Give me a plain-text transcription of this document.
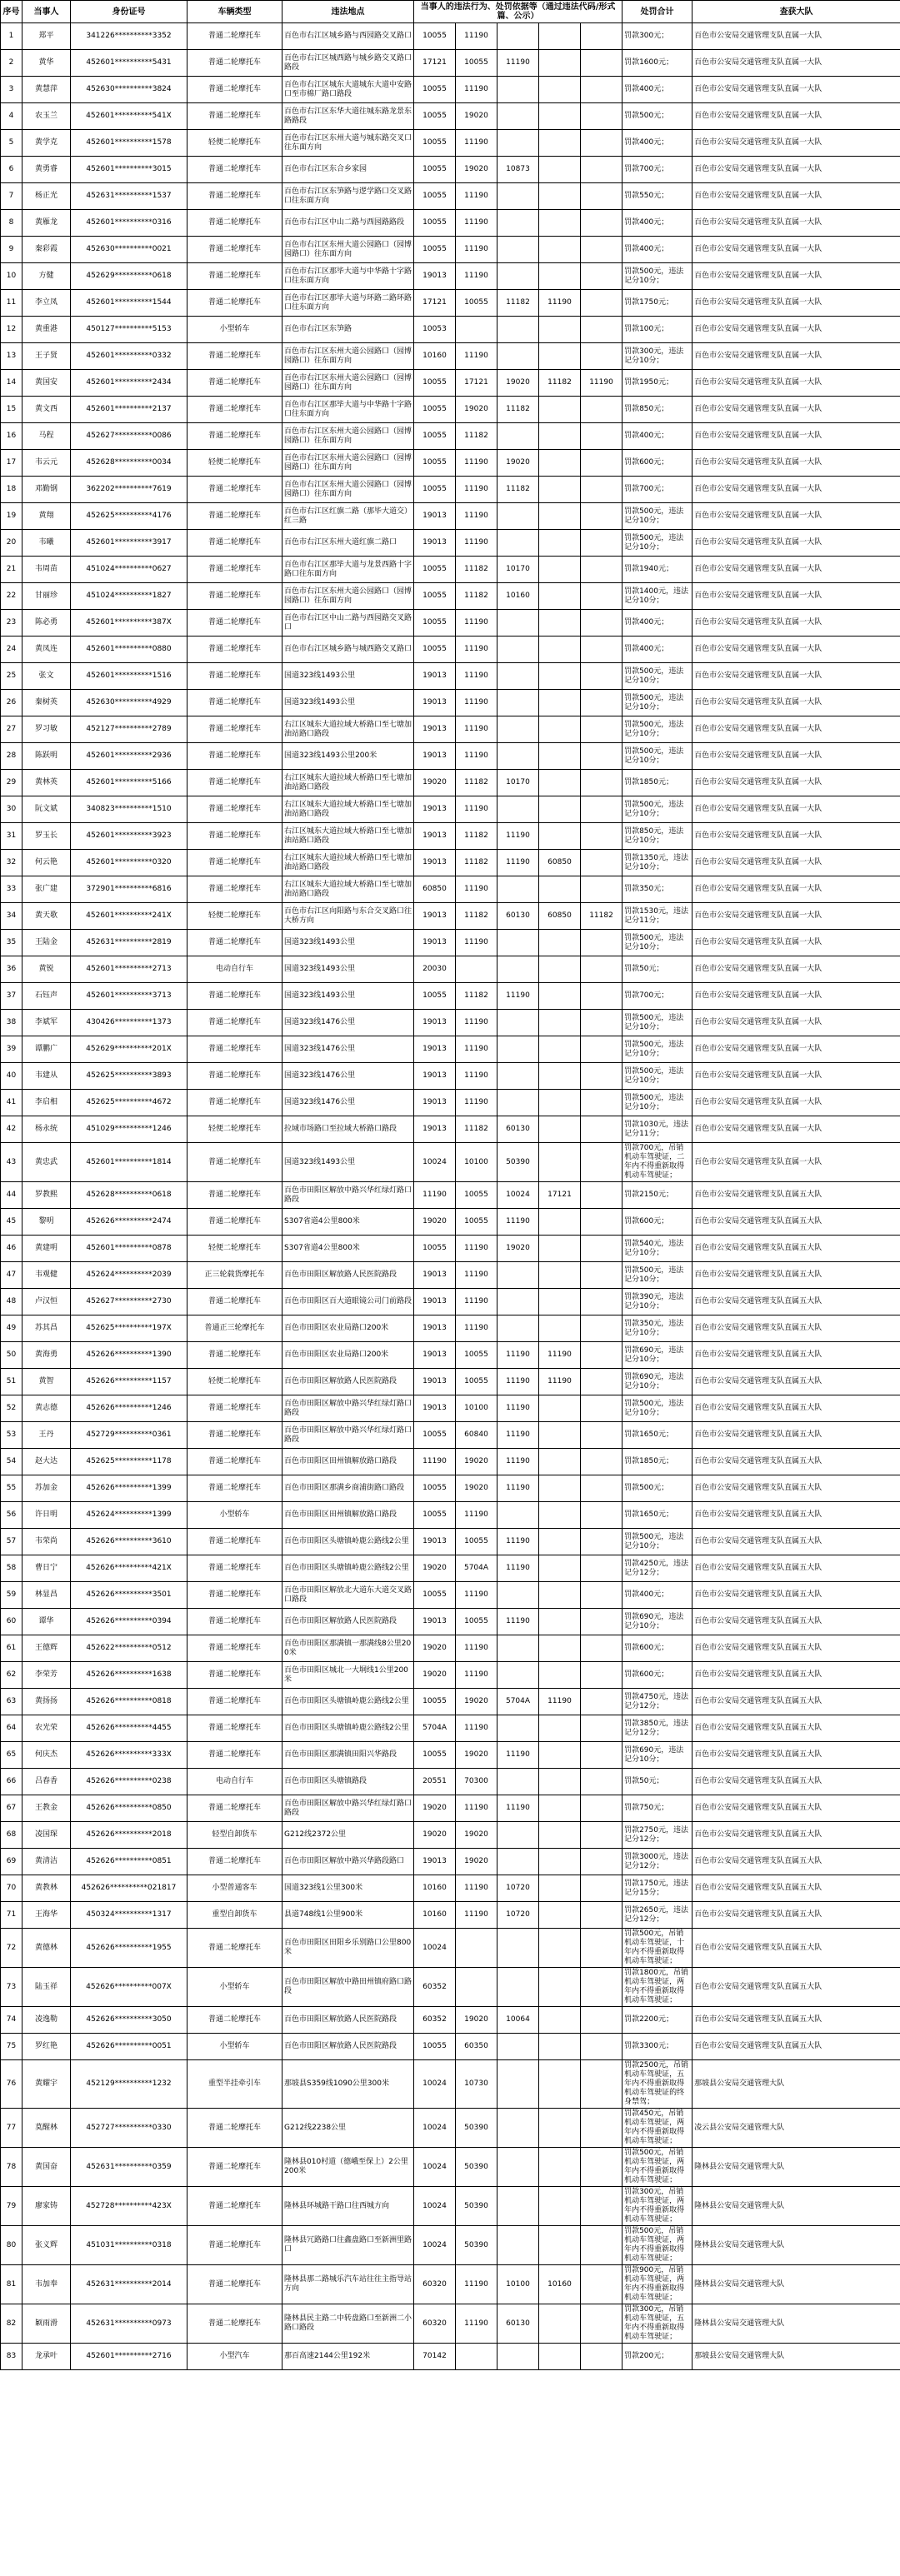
序号	当事人	身份证号	车辆类型	违法地点	当事人的违法行为、处罚依据等（通过违法代码/形式篇、公示）					处罚合计	查获大队
1	郑平	341226**********3352	普通二轮摩托车	百色市右江区城乡路与西园路交叉路口	10055	11190				罚款300元；	百色市公安局交通管理支队直属一大队
2	黄华	452601**********5431	普通二轮摩托车	百色市右江区城西路与城乡路交叉路口路段	17121	10055	11190			罚款1600元；	百色市公安局交通管理支队直属一大队
3	黄慧萍	452630**********3824	普通二轮摩托车	百色市右江区城东大道城东大道中安路口至市棉厂路口路段	10055	11190				罚款400元；	百色市公安局交通管理支队直属一大队
4	农玉兰	452601**********541X	普通二轮摩托车	百色市右江区东华大道往城东路龙景东路路段	10055	19020				罚款500元；	百色市公安局交通管理支队直属一大队
5	黄学克	452601**********1578	轻便二轮摩托车	百色市右江区东州大道与城东路交叉口往东面方向	10055	11190				罚款400元；	百色市公安局交通管理支队直属一大队
6	黄勇睿	452601**********3015	普通二轮摩托车	百色市右江区东合乡家园	10055	19020	10873			罚款700元；	百色市公安局交通管理支队直属一大队
7	杨正光	452631**********1537	普通二轮摩托车	百色市右江区东笋路与逻学路口交叉路口往东面方向	10055	11190				罚款550元；	百色市公安局交通管理支队直属一大队
8	黄雁龙	452601**********0316	普通二轮摩托车	百色市右江区中山二路与西园路路段	10055	11190				罚款400元；	百色市公安局交通管理支队直属一大队
9	秦彩霞	452630**********0021	普通二轮摩托车	百色市右江区东州大道公园路口（园博园路口）往东面方向	10055	11190				罚款400元；	百色市公安局交通管理支队直属一大队
10	方健	452629**********0618	普通二轮摩托车	百色市右江区那毕大道与中华路十字路口往东面方向	19013	11190				罚款500元，违法记分10分；	百色市公安局交通管理支队直属一大队
11	李立凤	452601**********1544	普通二轮摩托车	百色市右江区那毕大道与环路二路环路口往东面方向	17121	10055	11182	11190		罚款1750元；	百色市公安局交通管理支队直属一大队
12	黄重港	450127**********5153	小型轿车	百色市右江区东笋路	10053					罚款100元；	百色市公安局交通管理支队直属一大队
13	王子贤	452601**********0332	普通二轮摩托车	百色市右江区东州大道公园路口（园博园路口）往东面方向	10160	11190				罚款300元，违法记分10分；	百色市公安局交通管理支队直属一大队
14	黄国安	452601**********2434	普通二轮摩托车	百色市右江区东州大道公园路口（园博园路口）往东面方向	10055	17121	19020	11182	11190	罚款1950元；	百色市公安局交通管理支队直属一大队
15	黄文西	452601**********2137	普通二轮摩托车	百色市右江区那毕大道与中华路十字路口往东面方向	10055	19020	11182			罚款850元；	百色市公安局交通管理支队直属一大队
16	马程	452627**********0086	普通二轮摩托车	百色市右江区东州大道公园路口（园博园路口）往东面方向	10055	11182				罚款400元；	百色市公安局交通管理支队直属一大队
17	韦云元	452628**********0034	轻便二轮摩托车	百色市右江区东州大道公园路口（园博园路口）往东面方向	10055	11190	19020			罚款600元；	百色市公安局交通管理支队直属一大队
18	邓勤钢	362202**********7619	普通二轮摩托车	百色市右江区东州大道公园路口（园博园路口）往东面方向	10055	11190	11182			罚款700元；	百色市公安局交通管理支队直属一大队
19	黄翔	452625**********4176	普通二轮摩托车	百色市右江区红旗二路（那毕大道交）红三路	19013	11190				罚款500元，违法记分10分；	百色市公安局交通管理支队直属一大队
20	韦曦	452601**********3917	普通二轮摩托车	百色市右江区东州大道红旗二路口	19013	11190				罚款500元，违法记分10分；	百色市公安局交通管理支队直属一大队
21	韦周苗	451024**********0627	普通二轮摩托车	百色市右江区那毕大道与龙景西路十字路口往东面方向	10055	11182	10170			罚款1940元；	百色市公安局交通管理支队直属一大队
22	甘丽珍	451024**********1827	普通二轮摩托车	百色市右江区东州大道公园路口（园博园路口）往东面方向	10055	11182	10160			罚款1400元，违法记分10分；	百色市公安局交通管理支队直属一大队
23	陈必勇	452601**********387X	普通二轮摩托车	百色市右江区中山二路与西园路交叉路口	10055	11190				罚款400元；	百色市公安局交通管理支队直属一大队
24	黄凤连	452601**********0880	普通二轮摩托车	百色市右江区城乡路与城西路交叉路口	10055	11190				罚款400元；	百色市公安局交通管理支队直属一大队
25	张文	452601**********1516	普通二轮摩托车	国道323线1493公里	19013	11190				罚款500元，违法记分10分；	百色市公安局交通管理支队直属一大队
26	秦树英	452630**********4929	普通二轮摩托车	国道323线1493公里	19013	11190				罚款500元，违法记分10分；	百色市公安局交通管理支队直属一大队
27	罗习敏	452127**********2789	普通二轮摩托车	右江区城东大道拉域大桥路口至七塘加油站路口路段	19013	11190				罚款500元，违法记分10分；	百色市公安局交通管理支队直属一大队
28	陈跃明	452601**********2936	普通二轮摩托车	国道323线1493公里200米	19013	11190				罚款500元，违法记分10分；	百色市公安局交通管理支队直属一大队
29	黄林英	452601**********5166	普通二轮摩托车	右江区城东大道拉域大桥路口至七塘加油站路口路段	19020	11182	10170			罚款1850元；	百色市公安局交通管理支队直属一大队
30	阮文斌	340823**********1510	普通二轮摩托车	右江区城东大道拉域大桥路口至七塘加油站路口路段	19013	11190				罚款500元，违法记分10分；	百色市公安局交通管理支队直属一大队
31	罗玉长	452601**********3923	普通二轮摩托车	右江区城东大道拉域大桥路口至七塘加油站路口路段	19013	11182	11190			罚款850元，违法记分10分；	百色市公安局交通管理支队直属一大队
32	何云艳	452601**********0320	普通二轮摩托车	右江区城东大道拉域大桥路口至七塘加油站路口路段	19013	11182	11190	60850		罚款1350元，违法记分10分；	百色市公安局交通管理支队直属一大队
33	张广建	372901**********6816	普通二轮摩托车	右江区城东大道拉域大桥路口至七塘加油站路口路段	60850	11190				罚款350元；	百色市公安局交通管理支队直属一大队
34	黄天歌	452601**********241X	轻便二轮摩托车	百色市右江区向阳路与东合交叉路口往大桥方向	19013	11182	60130	60850	11182	罚款1530元，违法记分11分；	百色市公安局交通管理支队直属一大队
35	王陆金	452631**********2819	普通二轮摩托车	国道323线1493公里	19013	11190				罚款500元，违法记分10分；	百色市公安局交通管理支队直属一大队
36	黄锐	452601**********2713	电动自行车	国道323线1493公里	20030					罚款50元；	百色市公安局交通管理支队直属一大队
37	石钰声	452601**********3713	普通二轮摩托车	国道323线1493公里	10055	11182	11190			罚款700元；	百色市公安局交通管理支队直属一大队
38	李斌军	430426**********1373	普通二轮摩托车	国道323线1476公里	19013	11190				罚款500元，违法记分10分；	百色市公安局交通管理支队直属一大队
39	谭鹏广	452629**********201X	普通二轮摩托车	国道323线1476公里	19013	11190				罚款500元，违法记分10分；	百色市公安局交通管理支队直属一大队
40	韦建从	452625**********3893	普通二轮摩托车	国道323线1476公里	19013	11190				罚款500元，违法记分10分；	百色市公安局交通管理支队直属一大队
41	李启相	452625**********4672	普通二轮摩托车	国道323线1476公里	19013	11190				罚款500元，违法记分10分；	百色市公安局交通管理支队直属一大队
42	杨永统	451029**********1246	轻便二轮摩托车	拉域市场路口至拉域大桥路口路段	19013	11182	60130			罚款1030元，违法记分11分；	百色市公安局交通管理支队直属一大队
43	黄忠武	452601**********1814	普通二轮摩托车	国道323线1493公里	10024	10100	50390			罚款700元，吊销机动车驾驶证，二年内不得重新取得机动车驾驶证；	百色市公安局交通管理支队直属一大队
44	罗教熙	452628**********0618	普通二轮摩托车	百色市田阳区解放中路兴华红绿灯路口路段	11190	10055	10024	17121		罚款2150元；	百色市公安局交通管理支队直属五大队
45	黎明	452626**********2474	普通二轮摩托车	S307省道4公里800米	19020	10055	11190			罚款600元；	百色市公安局交通管理支队直属五大队
46	黄建明	452601**********0878	轻便二轮摩托车	S307省道4公里800米	10055	11190	19020			罚款540元，违法记分10分；	百色市公安局交通管理支队直属五大队
47	韦观健	452624**********2039	正三轮载货摩托车	百色市田阳区解放路人民医院路段	19013	11190				罚款500元，违法记分10分；	百色市公安局交通管理支队直属五大队
48	卢汉恒	452627**********2730	普通二轮摩托车	百色市田阳区百大道眼镜公司门前路段	19013	11190				罚款390元，违法记分10分；	百色市公安局交通管理支队直属五大队
49	苏其昌	452625**********197X	普通正三轮摩托车	百色市田阳区农业局路口200米	19013	11190				罚款350元，违法记分10分；	百色市公安局交通管理支队直属五大队
50	黄海勇	452626**********1390	普通二轮摩托车	百色市田阳区农业局路口200米	19013	10055	11190	11190		罚款690元，违法记分10分；	百色市公安局交通管理支队直属五大队
51	黄智	452626**********1157	轻便二轮摩托车	百色市田阳区解放路人民医院路段	19013	10055	11190	11190		罚款690元，违法记分10分；	百色市公安局交通管理支队直属五大队
52	黄志德	452626**********1246	普通二轮摩托车	百色市田阳区解放中路兴华红绿灯路口路段	19013	10100	11190			罚款500元，违法记分10分；	百色市公安局交通管理支队直属五大队
53	王丹	452729**********0361	普通二轮摩托车	百色市田阳区解放中路兴华红绿灯路口路段	10055	60840	11190			罚款1650元；	百色市公安局交通管理支队直属五大队
54	赵大达	452625**********1178	普通二轮摩托车	百色市田阳区田州镇解放路口路段	11190	19020	11190			罚款1850元；	百色市公安局交通管理支队直属五大队
55	苏加金	452626**********1399	普通二轮摩托车	百色市田阳区那满乡商浦街路口路段	10055	19020	11190			罚款500元；	百色市公安局交通管理支队直属五大队
56	许日明	452624**********1399	小型轿车	百色市田阳区田州镇解放路口路段	10055	11190				罚款1650元；	百色市公安局交通管理支队直属五大队
57	韦荣尚	452626**********3610	普通二轮摩托车	百色市田阳区头塘镇岭鹿公路线2公里	19013	10055	11190			罚款500元，违法记分10分；	百色市公安局交通管理支队直属五大队
58	曹日宁	452626**********421X	普通二轮摩托车	百色市田阳区头塘镇岭鹿公路线2公里	19020	5704A	11190			罚款4250元，违法记分12分；	百色市公安局交通管理支队直属五大队
59	林显昌	452626**********3501	普通二轮摩托车	百色市田阳区解放北大道东大道交叉路口路段	10055	11190				罚款400元；	百色市公安局交通管理支队直属五大队
60	谭华	452626**********0394	普通二轮摩托车	百色市田阳区解放路人民医院路段	19013	10055	11190			罚款690元，违法记分10分；	百色市公安局交通管理支队直属五大队
61	王德辉	452622**********0512	普通二轮摩托车	百色市田阳区那满镇一那满线8公里200米	19020	11190				罚款600元；	百色市公安局交通管理支队直属五大队
62	李荣芳	452626**********1638	普通二轮摩托车	百色市田阳区城北一大垌线1公里200米	19020	11190				罚款600元；	百色市公安局交通管理支队直属五大队
63	黄扬扬	452626**********0818	普通二轮摩托车	百色市田阳区头塘镇岭鹿公路线2公里	10055	19020	5704A	11190		罚款4750元，违法记分12分；	百色市公安局交通管理支队直属五大队
64	农光荣	452626**********4455	普通二轮摩托车	百色市田阳区头塘镇岭鹿公路线2公里	5704A	11190				罚款3850元，违法记分12分；	百色市公安局交通管理支队直属五大队
65	何庆杰	452626**********333X	普通二轮摩托车	百色市田阳区那满镇田阳兴华路段	10055	19020	11190			罚款690元，违法记分10分；	百色市公安局交通管理支队直属五大队
66	吕春香	452626**********0238	电动自行车	百色市田阳区头塘镇路段	20551	70300				罚款50元；	百色市公安局交通管理支队直属五大队
67	王教金	452626**********0850	普通二轮摩托车	百色市田阳区解放中路兴华红绿灯路口路段	19020	11190	11190			罚款750元；	百色市公安局交通管理支队直属五大队
68	凌国琛	452626**********2018	轻型自卸货车	G212线2372公里	19020	19020				罚款2750元，违法记分12分；	百色市公安局交通管理支队直属五大队
69	黄清洁	452626**********0851	普通二轮摩托车	百色市田阳区解放中路兴华路段路口	19013	19020				罚款3000元，违法记分12分；	百色市公安局交通管理支队直属五大队
70	黄教林	452626**********021817	小型普通客车	国道323线1公里300米	10160	11190	10720			罚款1750元，违法记分15分；	百色市公安局交通管理支队直属五大队
71	王海华	450324**********1317	重型自卸货车	县道748线1公里900米	10160	11190	10720			罚款2650元，违法记分12分；	百色市公安局交通管理支队直属五大队
72	黄德林	452626**********1955	普通二轮摩托车	百色市田阳区田阳乡乐别路口公里800米	10024					罚款500元，吊销机动车驾驶证，十年内不得重新取得机动车驾驶证；	百色市公安局交通管理支队直属五大队
73	陆玉祥	452626**********007X	小型轿车	百色市田阳区解放中路田州镇府路口路段	60352					罚款1800元，吊销机动车驾驶证，两年内不得重新取得机动车驾驶证；	百色市公安局交通管理支队直属五大队
74	凌逸勒	452626**********3050	普通二轮摩托车	百色市田阳区解放路人民医院路段	60352	19020	10064			罚款2200元；	百色市公安局交通管理支队直属五大队
75	罗红艳	452626**********0051	小型轿车	百色市田阳区解放路人民医院路段	10055	60350				罚款3300元；	百色市公安局交通管理支队直属五大队
76	黄耀宇	452129**********1232	重型半挂牵引车	那坡县S359线1090公里300米	10024	10730				罚款2500元，吊销机动车驾驶证，五年内不得重新取得机动车驾驶证的终身禁驾；	那坡县公安局交通管理大队
77	莫醒林	452727**********0330	普通二轮摩托车	G212线2238公里	10024	50390				罚款450元，吊销机动车驾驶证，两年内不得重新取得机动车驾驶证；	凌云县公安局交通管理大队
78	黄国奋	452631**********0359	普通二轮摩托车	隆林县010村道（德峨至保上）2公里200米	10024	50390				罚款500元，吊销机动车驾驶证，两年内不得重新取得机动车驾驶证；	隆林县公安局交通管理大队
79	廖家铸	452728**********423X	普通二轮摩托车	隆林县环城路干路口往西城方向	10024	50390				罚款300元，吊销机动车驾驶证，两年内不得重新取得机动车驾驶证；	隆林县公安局交通管理大队
80	张义辉	451031**********0318	普通二轮摩托车	隆林县冗路路口往鑫盘路口至新洲里路口	10024	50390				罚款500元，吊销机动车驾驶证，两年内不得重新取得机动车驾驶证；	隆林县公安局交通管理大队
81	韦加奉	452631**********2014	普通二轮摩托车	隆林县那二路城乐汽车站往往主指导站方向	60320	11190	10100	10160		罚款900元，吊销机动车驾驶证，两年内不得重新取得机动车驾驶证；	隆林县公安局交通管理大队
82	颖雨滑	452631**********0973	普通二轮摩托车	隆林县民主路二中转盘路口至新洲二小路口路段	60320	11190	60130			罚款300元，吊销机动车驾驶证，五年内不得重新取得机动车驾驶证；	隆林县公安局交通管理大队
83	龙承叶	452601**********2716	小型汽车	那百高速2144公里192米	70142					罚款200元；	那坡县公安局交通管理大队
